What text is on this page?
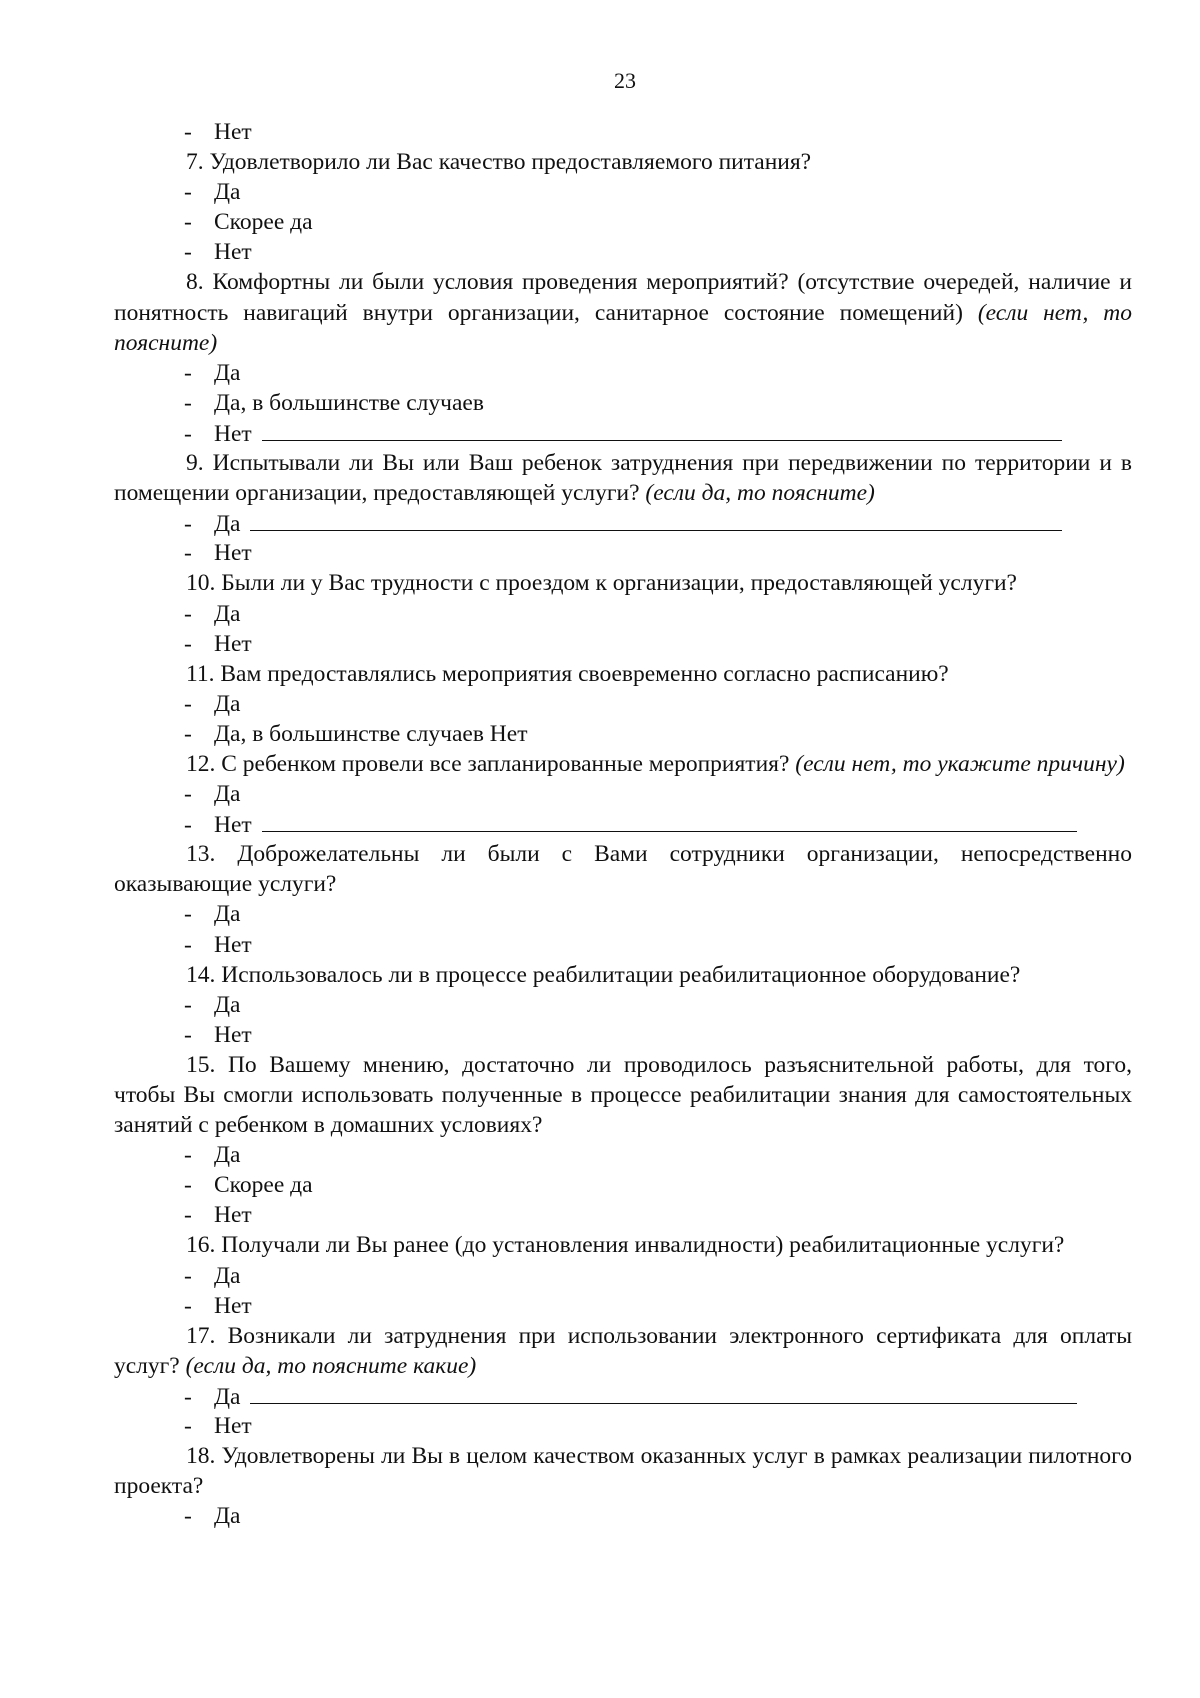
23
- Нет
7. Удовлетворило ли Вас качество предоставляемого питания?
- Да
- Скорее да
- Нет
8. Комфортны ли были условия проведения мероприятий? (отсутствие очередей, наличие и понятность навигаций внутри организации, санитарное состояние помещений) (если нет, то поясните)
- Да
- Да, в большинстве случаев
- Нет
9. Испытывали ли Вы или Ваш ребенок затруднения при передвижении по территории и в помещении организации, предоставляющей услуги? (если да, то поясните)
- Да
- Нет
10. Были ли у Вас трудности с проездом к организации, предоставляющей услуги?
- Да
- Нет
11. Вам предоставлялись мероприятия своевременно согласно расписанию?
- Да
- Да, в большинстве случаев Нет
12. С ребенком провели все запланированные мероприятия? (если нет, то укажите причину)
- Да
- Нет
13. Доброжелательны ли были с Вами сотрудники организации, непосредственно оказывающие услуги?
- Да
- Нет
14. Использовалось ли в процессе реабилитации реабилитационное оборудование?
- Да
- Нет
15. По Вашему мнению, достаточно ли проводилось разъяснительной работы, для того, чтобы Вы смогли использовать полученные в процессе реабилитации знания для самостоятельных занятий с ребенком в домашних условиях?
- Да
- Скорее да
- Нет
16. Получали ли Вы ранее (до установления инвалидности) реабилитационные услуги?
- Да
- Нет
17. Возникали ли затруднения при использовании электронного сертификата для оплаты услуг? (если да, то поясните какие)
- Да
- Нет
18. Удовлетворены ли Вы в целом качеством оказанных услуг в рамках реализации пилотного проекта?
- Да
